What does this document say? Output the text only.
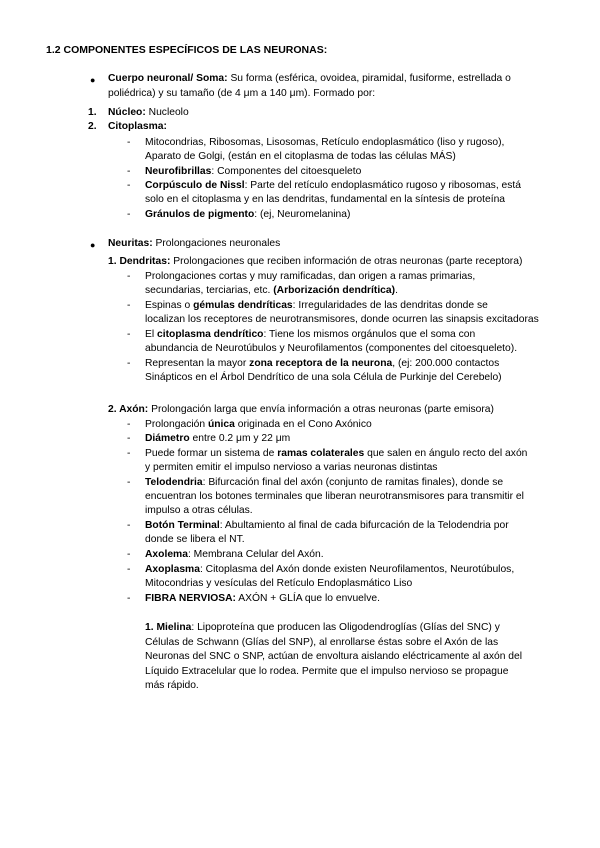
1.2 COMPONENTES ESPECÍFICOS DE LAS NEURONAS:
● Cuerpo neuronal/ Soma: Su forma (esférica, ovoidea, piramidal, fusiforme, estrellada o
poliédrica) y su tamaño (de 4 μm a 140 μm). Formado por:
1. Núcleo: Nucleolo
2. Citoplasma:
-	Mitocondrias, Ribosomas, Lisosomas, Retículo endoplasmático (liso y rugoso),
Aparato de Golgi, (están en el citoplasma de todas las células MÁS)
-	Neurofibrillas: Componentes del citoesqueleto
-	Corpúsculo de Nissl: Parte del retículo endoplasmático rugoso y ribosomas, está
solo en el citoplasma y en las dendritas, fundamental en la síntesis de proteína
-	Gránulos de pigmento: (ej, Neuromelanina)
● Neuritas: Prolongaciones neuronales
1. Dendritas: Prolongaciones que reciben información de otras neuronas (parte receptora)
-	Prolongaciones cortas y muy ramificadas, dan origen a ramas primarias,
secundarias, terciarias, etc. (Arborización dendrítica).
-	Espinas o gémulas dendríticas: Irregularidades de las dendritas donde se
localizan los receptores de neurotransmisores, donde ocurren las sinapsis excitadoras
-	El citoplasma dendrítico: Tiene los mismos orgánulos que el soma con
abundancia de Neurotúbulos y Neurofilamentos (componentes del citoesqueleto).
-	Representan la mayor zona receptora de la neurona, (ej: 200.000 contactos
Sinápticos en el Árbol Dendrítico de una sola Célula de Purkinje del Cerebelo)
2. Axón: Prolongación larga que envía información a otras neuronas (parte emisora)
-	Prolongación única originada en el Cono Axónico
-	Diámetro entre 0.2 μm y 22 μm
-	Puede formar un sistema de ramas colaterales que salen en ángulo recto del axón
y permiten emitir el impulso nervioso a varias neuronas distintas
-	Telodendria: Bifurcación final del axón (conjunto de ramitas finales), donde se
encuentran los botones terminales que liberan neurotransmisores para transmitir el
impulso a otras células.
-	Botón Terminal: Abultamiento al final de cada bifurcación de la Telodendria por
donde se libera el NT.
-	Axolema: Membrana Celular del Axón.
-	Axoplasma: Citoplasma del Axón donde existen Neurofilamentos, Neurotúbulos,
Mitocondrias y vesículas del Retículo Endoplasmático Liso
-	FIBRA NERVIOSA: AXÓN + GLÍA que lo envuelve.
1. Mielina: Lipoproteína que producen las Oligodendroglías (Glías del SNC) y
Células de Schwann (Glías del SNP), al enrollarse éstas sobre el Axón de las
Neuronas del SNC o SNP, actúan de envoltura aislando eléctricamente al axón del
Líquido Extracelular que lo rodea. Permite que el impulso nervioso se propague
más rápido.
